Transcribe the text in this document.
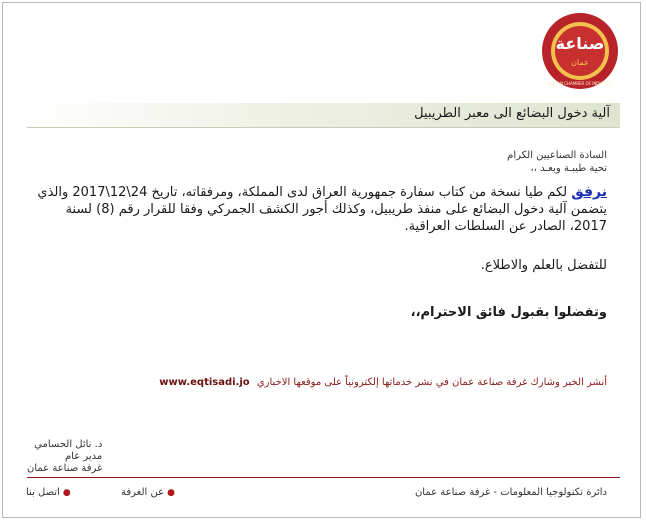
صناعة
عمان
AMMAN CHAMBER OF INDUSTRY
آلية دخول البضائع الى معبر الطريبيل
السادة الصناعيين الكرام
تحية طيبـة وبعـد ،،
نرفق لكم طيا نسخة من كتاب سفارة جمهورية العراق لدى المملكة، ومرفقاته، تاريخ 24\12\2017 والذي يتضمن آلية دخول البضائع على منفذ طريبيل، وكذلك أجور الكشف الجمركي وفقا للقرار رقم (8) لسنة 2017، الصادر عن السلطات العراقية.
للتفضل بالعلم والاطلاع.
وتفضلوا بقبول فائق الاحترام،،
أنشر الخبر وشارك غرفة صناعة عمان في نشر خدماتها إلكترونياً على موقعها الاخباري www.eqtisadi.jo
د. نائل الحسامي
مدير عام
غرفة صناعة عمان
●اتصل بنا	●عن الغرفة	دائرة تكنولوجيا المعلومات - غرفة صناعة عمان
